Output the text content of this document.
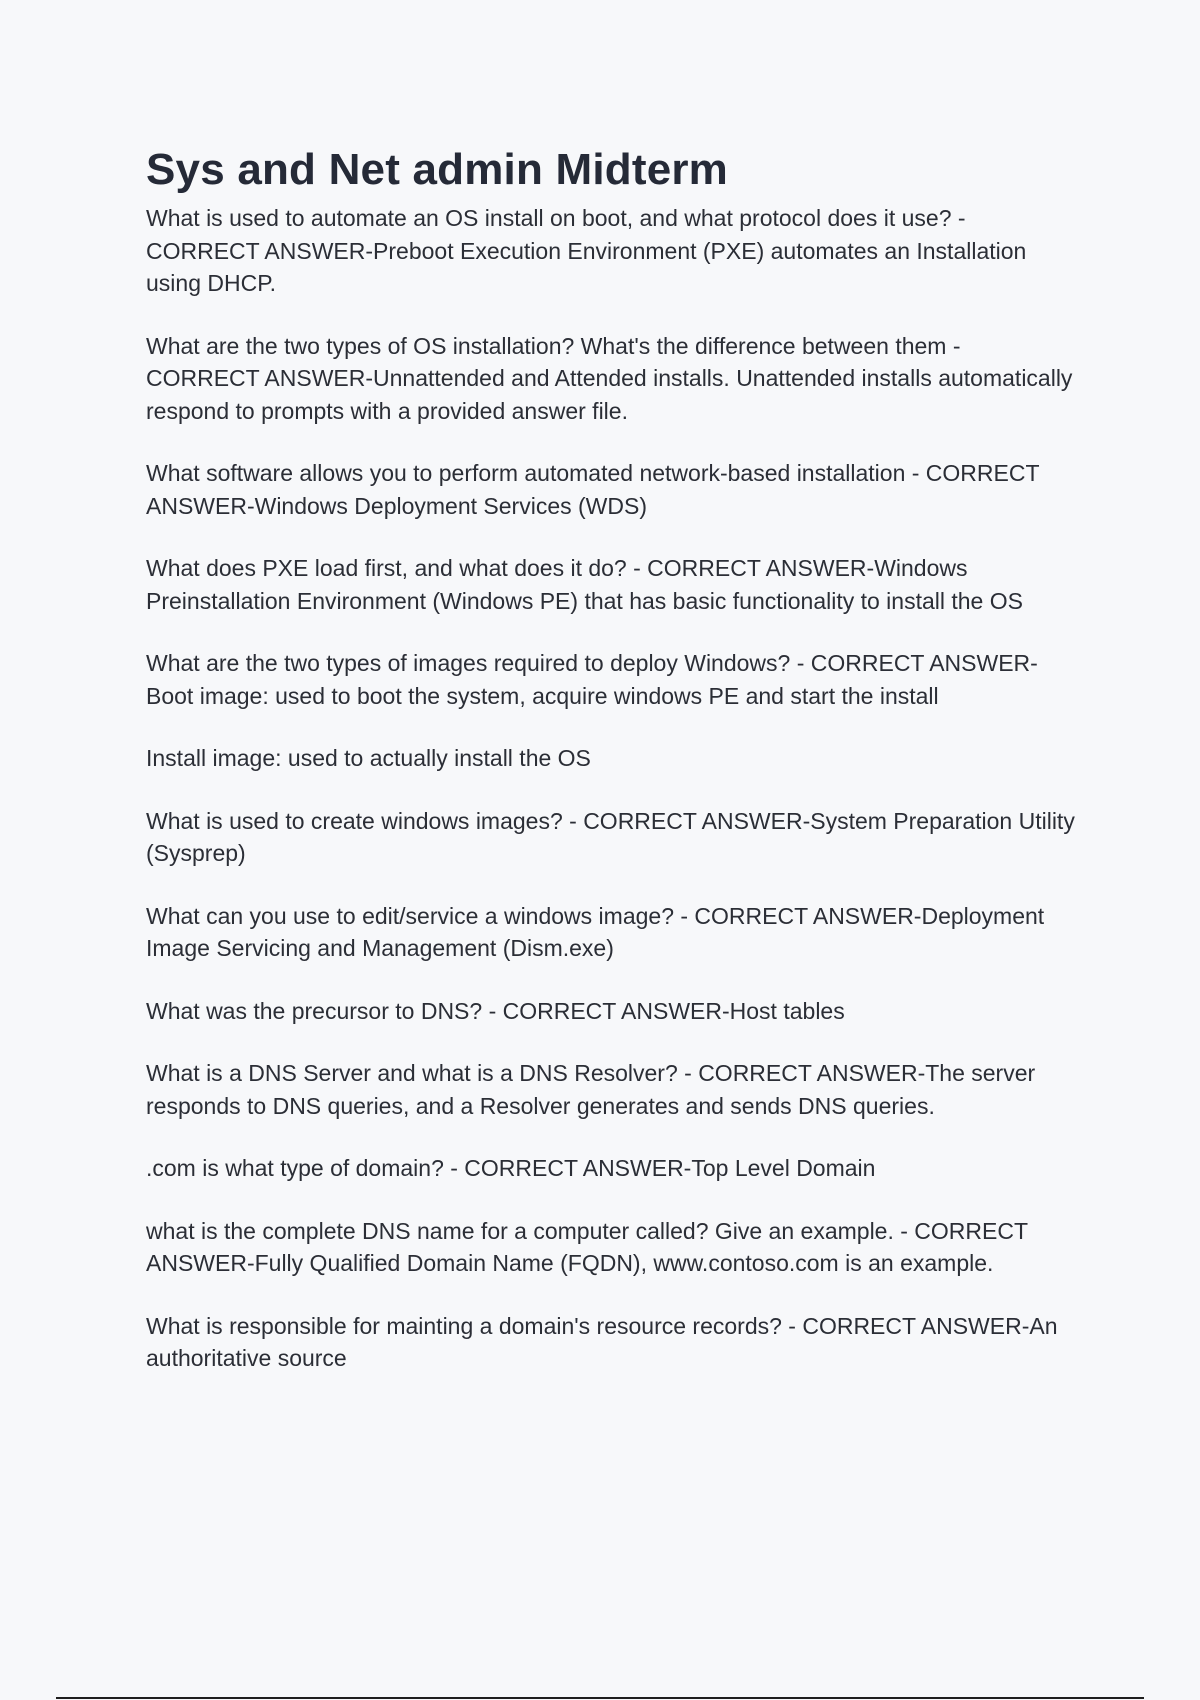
Sys and Net admin Midterm

What is used to automate an OS install on boot, and what protocol does it use? - CORRECT ANSWER-Preboot Execution Environment (PXE) automates an Installation using DHCP.

What are the two types of OS installation? What's the difference between them - CORRECT ANSWER-Unnattended and Attended installs. Unattended installs automatically respond to prompts with a provided answer file.

What software allows you to perform automated network-based installation - CORRECT ANSWER-Windows Deployment Services (WDS)

What does PXE load first, and what does it do? - CORRECT ANSWER-Windows Preinstallation Environment (Windows PE) that has basic functionality to install the OS

What are the two types of images required to deploy Windows? - CORRECT ANSWER-Boot image: used to boot the system, acquire windows PE and start the install

Install image: used to actually install the OS

What is used to create windows images? - CORRECT ANSWER-System Preparation Utility (Sysprep)

What can you use to edit/service a windows image? - CORRECT ANSWER-Deployment Image Servicing and Management (Dism.exe)

What was the precursor to DNS? - CORRECT ANSWER-Host tables

What is a DNS Server and what is a DNS Resolver? - CORRECT ANSWER-The server responds to DNS queries, and a Resolver generates and sends DNS queries.

.com is what type of domain? - CORRECT ANSWER-Top Level Domain

what is the complete DNS name for a computer called? Give an example. - CORRECT ANSWER-Fully Qualified Domain Name (FQDN), www.contoso.com is an example.

What is responsible for mainting a domain's resource records? - CORRECT ANSWER-An authoritative source
